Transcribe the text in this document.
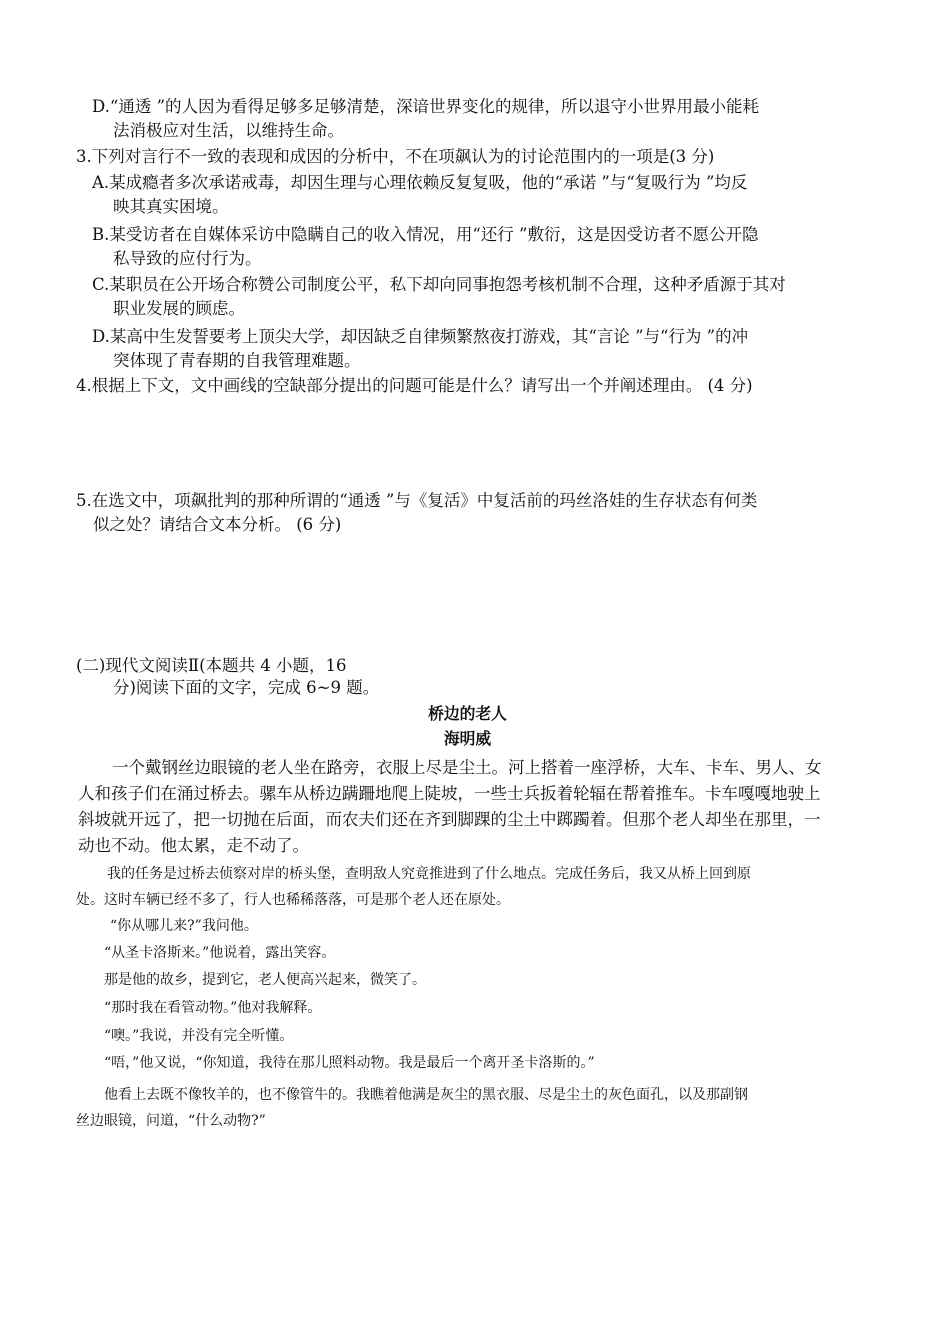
D.“通透 ”的人因为看得足够多足够清楚，深谙世界变化的规律，所以退守小世界用最小能耗
法消极应对生活，以维持生命。
3.下列对言行不一致的表现和成因的分析中，不在项飙认为的讨论范围内的一项是(3 分)
A.某成瘾者多次承诺戒毒，却因生理与心理依赖反复复吸，他的“承诺 ”与“复吸行为 ”均反
映其真实困境。
B.某受访者在自媒体采访中隐瞒自己的收入情况，用“还行 ”敷衍，这是因受访者不愿公开隐
私导致的应付行为。
C.某职员在公开场合称赞公司制度公平，私下却向同事抱怨考核机制不合理，这种矛盾源于其对
职业发展的顾虑。
D.某高中生发誓要考上顶尖大学，却因缺乏自律频繁熬夜打游戏，其“言论 ”与“行为 ”的冲
突体现了青春期的自我管理难题。
4.根据上下文，文中画线的空缺部分提出的问题可能是什么？请写出一个并阐述理由。 (4 分)
5.在选文中，项飙批判的那种所谓的“通透 ”与《复活》中复活前的玛丝洛娃的生存状态有何类
似之处？请结合文本分析。 (6 分)
(二)现代文阅读Ⅱ(本题共 4 小题，16
分)阅读下面的文字，完成 6~9 题。
桥边的老人
海明威
一个戴钢丝边眼镜的老人坐在路旁，衣服上尽是尘土。河上搭着一座浮桥，大车、卡车、男人、女
人和孩子们在涌过桥去。骡车从桥边蹒跚地爬上陡坡，一些士兵扳着轮辐在帮着推车。卡车嘎嘎地驶上
斜坡就开远了，把一切抛在后面，而农夫们还在齐到脚踝的尘土中踯躅着。但那个老人却坐在那里，一
动也不动。他太累，走不动了。
我的任务是过桥去侦察对岸的桥头堡，查明敌人究竟推进到了什么地点。完成任务后，我又从桥上回到原
处。这时车辆已经不多了，行人也稀稀落落，可是那个老人还在原处。
“你从哪儿来?”我问他。
“从圣卡洛斯来。”他说着，露出笑容。
那是他的故乡，提到它，老人便高兴起来，微笑了。
“那时我在看管动物。”他对我解释。
“噢。”我说，并没有完全听懂。
“唔，”他又说，“你知道，我待在那儿照料动物。我是最后一个离开圣卡洛斯的。”
他看上去既不像牧羊的，也不像管牛的。我瞧着他满是灰尘的黑衣服、尽是尘土的灰色面孔，以及那副钢
丝边眼镜，问道，“什么动物?”
